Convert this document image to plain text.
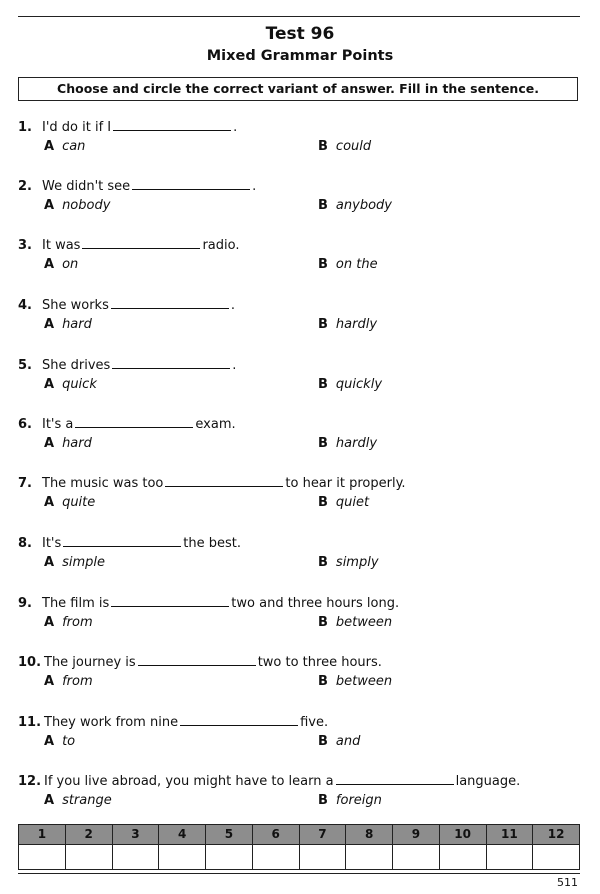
Test 96
Mixed Grammar Points
Choose and circle the correct variant of answer. Fill in the sentence.
1. I'd do it if I	.
A can	B could
2. We didn't see	.
A nobody	B anybody
3. It was	radio.
A on	B on the
4. She works	.
A hard	B hardly
5. She drives	.
A quick	B quickly
6. It's a	exam.
A hard	B hardly
7. The music was too	to hear it properly.
A quite	B quiet
8. It's	the best.
A simple	B simply
9. The film is	two and three hours long.
A from	B between
10. The journey is	two to three hours.
A from	B between
11. They work from nine	five.
A to	B and
12. If you live abroad, you might have to learn a	language.
A strange	B foreign
1	2	3	4	5	6	7	8	9	10	11	12

511
